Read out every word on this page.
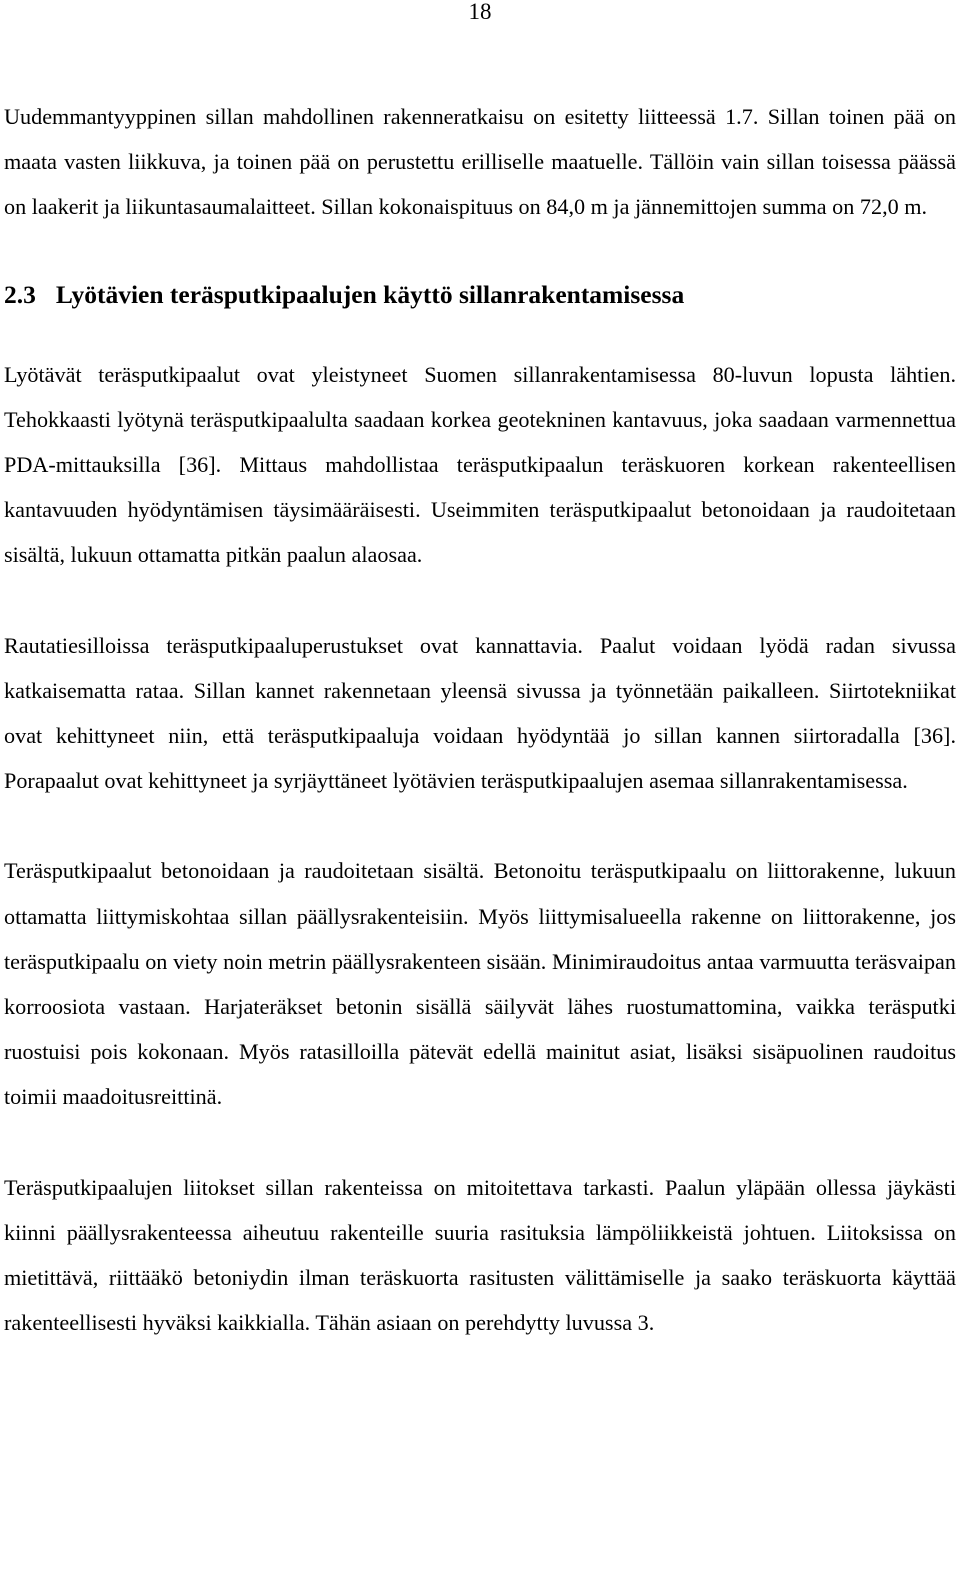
18

Uudemmantyyppinen sillan mahdollinen rakenneratkaisu on esitetty liitteessä 1.7. Sillan toinen pää on maata vasten liikkuva, ja toinen pää on perustettu erilliselle maatuelle. Tällöin vain sillan toisessa päässä on laakerit ja liikuntasaumalaitteet. Sillan kokonaispituus on 84,0 m ja jännemittojen summa on 72,0 m.

2.3 Lyötävien teräsputkipaalujen käyttö sillanrakentamisessa

Lyötävät teräsputkipaalut ovat yleistyneet Suomen sillanrakentamisessa 80-luvun lopusta lähtien. Tehokkaasti lyötynä teräsputkipaalulta saadaan korkea geotekninen kantavuus, joka saadaan varmennettua PDA-mittauksilla [36]. Mittaus mahdollistaa teräsputkipaalun teräskuoren korkean rakenteellisen kantavuuden hyödyntämisen täysimääräisesti. Useimmiten teräsputkipaalut betonoidaan ja raudoitetaan sisältä, lukuun ottamatta pitkän paalun alaosaa.

Rautatiesilloissa teräsputkipaaluperustukset ovat kannattavia. Paalut voidaan lyödä radan sivussa katkaisematta rataa. Sillan kannet rakennetaan yleensä sivussa ja työnnetään paikalleen. Siirtotekniikat ovat kehittyneet niin, että teräsputkipaaluja voidaan hyödyntää jo sillan kannen siirtoradalla [36]. Porapaalut ovat kehittyneet ja syrjäyttäneet lyötävien teräsputkipaalujen asemaa sillanrakentamisessa.

Teräsputkipaalut betonoidaan ja raudoitetaan sisältä. Betonoitu teräsputkipaalu on liittorakenne, lukuun ottamatta liittymiskohtaa sillan päällysrakenteisiin. Myös liittymisalueella rakenne on liittorakenne, jos teräsputkipaalu on viety noin metrin päällysrakenteen sisään. Minimiraudoitus antaa varmuutta teräsvaipan korroosiota vastaan. Harjateräkset betonin sisällä säilyvät lähes ruostumattomina, vaikka teräsputki ruostuisi pois kokonaan. Myös ratasilloilla pätevät edellä mainitut asiat, lisäksi sisäpuolinen raudoitus toimii maadoitusreittinä.

Teräsputkipaalujen liitokset sillan rakenteissa on mitoitettava tarkasti. Paalun yläpään ollessa jäykästi kiinni päällysrakenteessa aiheutuu rakenteille suuria rasituksia lämpöliikkeistä johtuen. Liitoksissa on mietittävä, riittääkö betoniydin ilman teräskuorta rasitusten välittämiselle ja saako teräskuorta käyttää rakenteellisesti hyväksi kaikkialla. Tähän asiaan on perehdytty luvussa 3.
